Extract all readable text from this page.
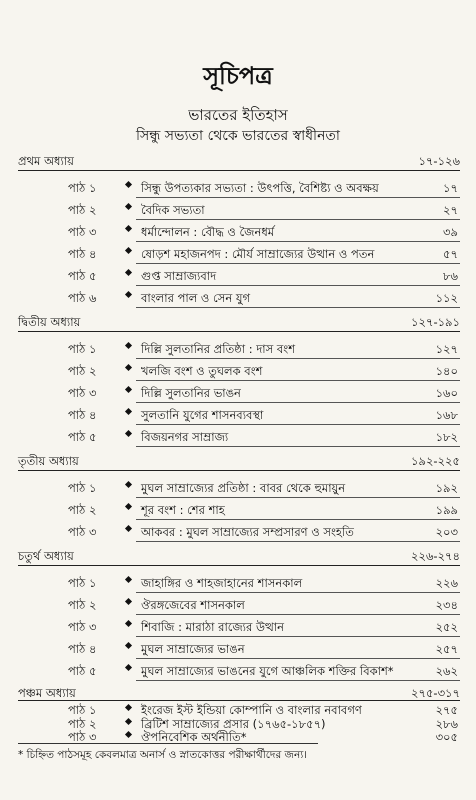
সূচিপত্র
ভারতের ইতিহাস
সিন্ধু সভ্যতা থেকে ভারতের স্বাধীনতা
প্রথম অধ্যায়	১৭-১২৬
পাঠ ১	সিন্ধু উপত্যকার সভ্যতা : উৎপত্তি, বৈশিষ্ট্য ও অবক্ষয়	১৭
পাঠ ২	বৈদিক সভ্যতা	২৭
পাঠ ৩	ধর্মান্দোলন : বৌদ্ধ ও জৈনধর্ম	৩৯
পাঠ ৪	ষোড়শ মহাজনপদ : মৌর্য সাম্রাজ্যের উত্থান ও পতন	৫৭
পাঠ ৫	গুপ্ত সাম্রাজ্যবাদ	৮৬
পাঠ ৬	বাংলার পাল ও সেন যুগ	১১২
দ্বিতীয় অধ্যায়	১২৭-১৯১
পাঠ ১	দিল্লি সুলতানির প্রতিষ্ঠা : দাস বংশ	১২৭
পাঠ ২	খলজি বংশ ও তুঘলক বংশ	১৪০
পাঠ ৩	দিল্লি সুলতানির ভাঙন	১৬০
পাঠ ৪	সুলতানি যুগের শাসনব্যবস্থা	১৬৮
পাঠ ৫	বিজয়নগর সাম্রাজ্য	১৮২
তৃতীয় অধ্যায়	১৯২-২২৫
পাঠ ১	মুঘল সাম্রাজ্যের প্রতিষ্ঠা : বাবর থেকে হুমায়ুন	১৯২
পাঠ ২	শূর বংশ : শের শাহ	১৯৯
পাঠ ৩	আকবর : মুঘল সাম্রাজ্যের সম্প্রসারণ ও সংহতি	২০৩
চতুর্থ অধ্যায়	২২৬-২৭৪
পাঠ ১	জাহাঙ্গির ও শাহজাহানের শাসনকাল	২২৬
পাঠ ২	ঔরঙ্গজেবের শাসনকাল	২৩৪
পাঠ ৩	শিবাজি : মারাঠা রাজ্যের উত্থান	২৫২
পাঠ ৪	মুঘল সাম্রাজ্যের ভাঙন	২৫৭
পাঠ ৫	মুঘল সাম্রাজ্যের ভাঙনের যুগে আঞ্চলিক শক্তির বিকাশ*	২৬২
পঞ্চম অধ্যায়	২৭৫-৩১৭
পাঠ ১	ইংরেজ ইস্ট ইন্ডিয়া কোম্পানি ও বাংলার নবাবগণ	২৭৫
পাঠ ২	ব্রিটিশ সাম্রাজ্যের প্রসার (১৭৬৫-১৮৫৭)	২৮৬
পাঠ ৩	ঔপনিবেশিক অর্থনীতি*	৩০৫
* চিহ্নিত পাঠসমূহ কেবলমাত্র অনার্স ও স্নাতকোত্তর পরীক্ষার্থীদের জন্য।
